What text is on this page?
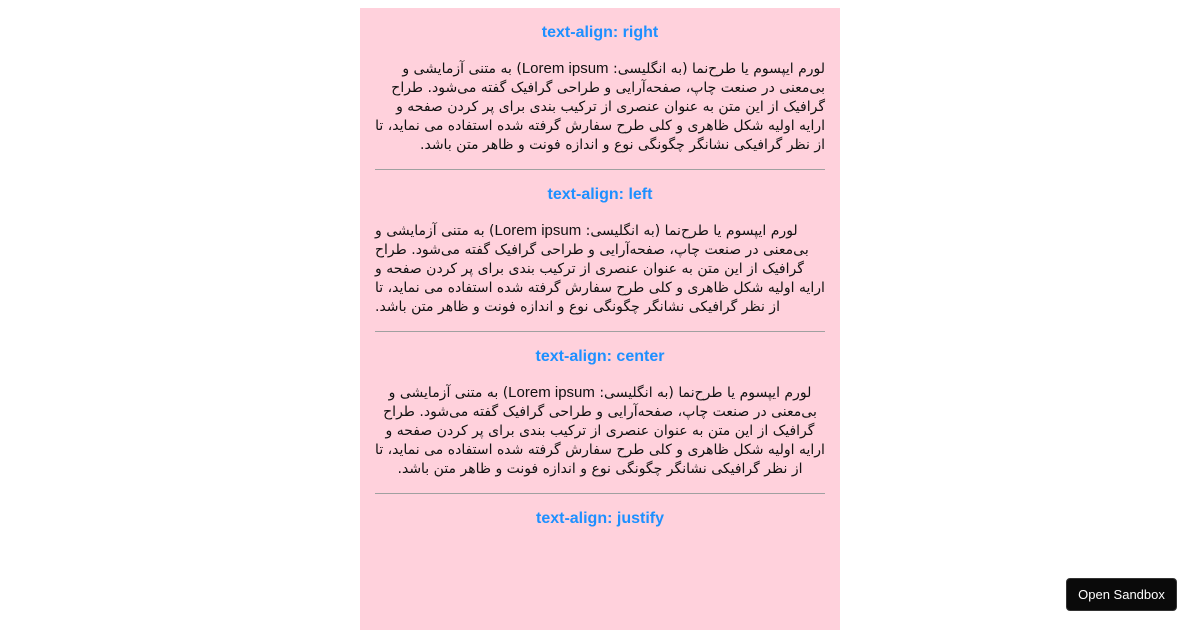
text-align: right

لورم ایپسوم یا طرح‌نما (به انگلیسی: Lorem ipsum) به متنی آزمایشی و بی‌معنی در صنعت چاپ، صفحه‌آرایی و طراحی گرافیک گفته می‌شود. طراح گرافیک از این متن به عنوان عنصری از ترکیب بندی برای پر کردن صفحه و ارایه اولیه شکل ظاهری و کلی طرح سفارش گرفته شده استفاده می نماید، تا از نظر گرافیکی نشانگر چگونگی نوع و اندازه فونت و ظاهر متن باشد.

text-align: left

لورم ایپسوم یا طرح‌نما (به انگلیسی: Lorem ipsum) به متنی آزمایشی و بی‌معنی در صنعت چاپ، صفحه‌آرایی و طراحی گرافیک گفته می‌شود. طراح گرافیک از این متن به عنوان عنصری از ترکیب بندی برای پر کردن صفحه و ارایه اولیه شکل ظاهری و کلی طرح سفارش گرفته شده استفاده می نماید، تا از نظر گرافیکی نشانگر چگونگی نوع و اندازه فونت و ظاهر متن باشد.

text-align: center

لورم ایپسوم یا طرح‌نما (به انگلیسی: Lorem ipsum) به متنی آزمایشی و بی‌معنی در صنعت چاپ، صفحه‌آرایی و طراحی گرافیک گفته می‌شود. طراح گرافیک از این متن به عنوان عنصری از ترکیب بندی برای پر کردن صفحه و ارایه اولیه شکل ظاهری و کلی طرح سفارش گرفته شده استفاده می نماید، تا از نظر گرافیکی نشانگر چگونگی نوع و اندازه فونت و ظاهر متن باشد.

text-align: justify
Open Sandbox
